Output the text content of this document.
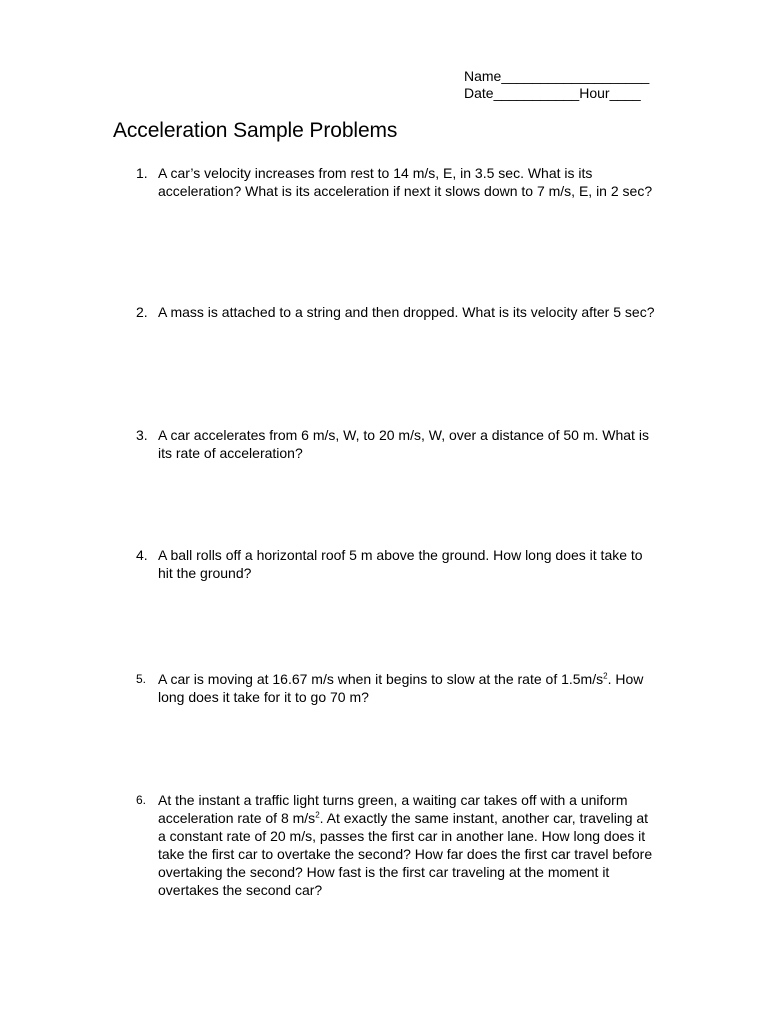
Name___________________
Date___________Hour____
Acceleration Sample Problems
1. A car’s velocity increases from rest to 14 m/s, E, in 3.5 sec. What is its acceleration? What is its acceleration if next it slows down to 7 m/s, E, in 2 sec?
2. A mass is attached to a string and then dropped. What is its velocity after 5 sec?
3. A car accelerates from 6 m/s, W, to 20 m/s, W, over a distance of 50 m. What is its rate of acceleration?
4. A ball rolls off a horizontal roof 5 m above the ground. How long does it take to hit the ground?
5. A car is moving at 16.67 m/s when it begins to slow at the rate of $1.5m/s^2$. How long does it take for it to go 70 m?
6. At the instant a traffic light turns green, a waiting car takes off with a uniform acceleration rate of 8 $m/s^2$. At exactly the same instant, another car, traveling at a constant rate of 20 m/s, passes the first car in another lane. How long does it take the first car to overtake the second? How far does the first car travel before overtaking the second? How fast is the first car traveling at the moment it overtakes the second car?
